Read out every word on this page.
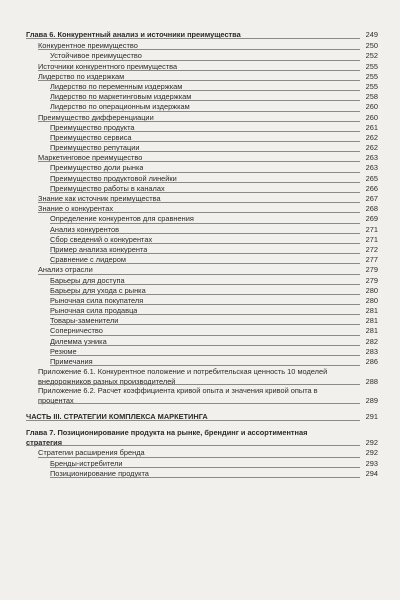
Глава 6. Конкурентный анализ и источники преимущества	249
Конкурентное преимущество	250
Устойчивое преимущество	252
Источники конкурентного преимущества	255
Лидерство по издержкам	255
Лидерство по переменным издержкам	255
Лидерство по маркетинговым издержкам	258
Лидерство по операционным издержкам	260
Преимущество дифференциации	260
Преимущество продукта	261
Преимущество сервиса	262
Преимущество репутации	262
Маркетинговое преимущество	263
Преимущество доли рынка	263
Преимущество продуктовой линейки	265
Преимущество работы в каналах	266
Знание как источник преимущества	267
Знание о конкурентах	268
Определение конкурентов для сравнения	269
Анализ конкурентов	271
Сбор сведений о конкурентах	271
Пример анализа конкурента	272
Сравнение с лидером	277
Анализ отрасли	279
Барьеры для доступа	279
Барьеры для ухода с рынка	280
Рыночная сила покупателя	280
Рыночная сила продавца	281
Товары-заменители	281
Соперничество	281
Дилемма узника	282
Резюме	283
Примечания	286
Приложение 6.1. Конкурентное положение и потребительская ценность 10 моделей внедорожников разных производителей	288
Приложение 6.2. Расчет коэффициента кривой опыта и значения кривой опыта в процентах	289
ЧАСТЬ III. СТРАТЕГИИ КОМПЛЕКСА МАРКЕТИНГА	291
Глава 7. Позиционирование продукта на рынке, брендинг и ассортиментная стратегия	292
Стратегии расширения бренда	292
Бренды-истребители	293
Позиционирование продукта	294
